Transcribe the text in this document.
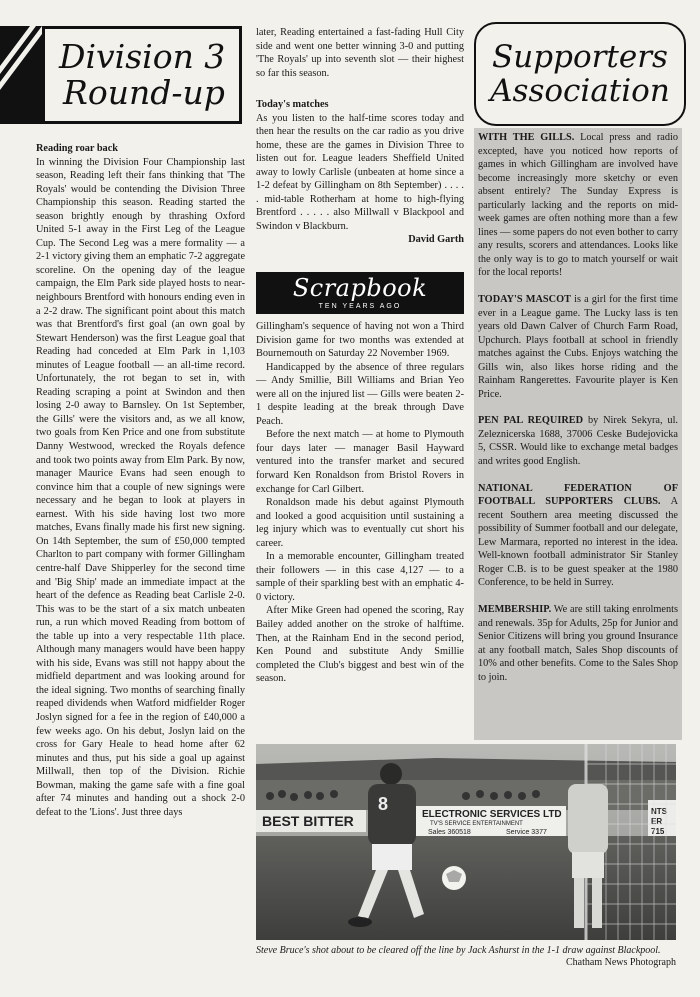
Division 3
Round-up

Reading roar back

In winning the Division Four Championship last season, Reading left their fans thinking that 'The Royals' would be contending the Division Three Championship this season. Reading started the season brightly enough by thrashing Oxford United 5-1 away in the First Leg of the League Cup. The Second Leg was a mere formality — a 2-1 victory giving them an emphatic 7-2 aggregate scoreline. On the opening day of the league campaign, the Elm Park side played hosts to near-neighbours Brentford with honours ending even in a 2-2 draw. The significant point about this match was that Brentford's first goal (an own goal by Stewart Henderson) was the first League goal that Reading had conceded at Elm Park in 1,103 minutes of League football — an all-time record. Unfortunately, the rot began to set in, with Reading scraping a point at Swindon and then losing 2-0 away to Barnsley. On 1st September, the Gills' were the visitors and, as we all know, two goals from Ken Price and one from substitute Danny Westwood, wrecked the Royals defence and took two points away from Elm Park. By now, manager Maurice Evans had seen enough to convince him that a couple of new signings were necessary and he began to look at players in earnest. With his side having lost two more matches, Evans finally made his first new signing. On 14th September, the sum of £50,000 tempted Charlton to part company with former Gillingham centre-half Dave Shipperley for the second time and 'Big Ship' made an immediate impact at the heart of the defence as Reading beat Carlisle 2-0. This was to be the start of a six match unbeaten run, a run which moved Reading from bottom of the table up into a very respectable 11th place. Although many managers would have been happy with his side, Evans was still not happy about the midfield department and was looking around for the ideal signing. Two months of searching finally reaped dividends when Watford midfielder Roger Joslyn signed for a fee in the region of £40,000 a few weeks ago. On his debut, Joslyn laid on the cross for Gary Heale to head home after 62 minutes and thus, put his side a goal up against Millwall, then top of the Division. Richie Bowman, making the game safe with a fine goal after 74 minutes and handing out a shock 2-0 defeat to the 'Lions'. Just three days

later, Reading entertained a fast-fading Hull City side and went one better winning 3-0 and putting 'The Royals' up into seventh slot — their highest so far this season.

Today's matches

As you listen to the half-time scores today and then hear the results on the car radio as you drive home, these are the games in Division Three to listen out for. League leaders Sheffield United away to lowly Carlisle (unbeaten at home since a 1-2 defeat by Gillingham on 8th September) . . . . . mid-table Rotherham at home to high-flying Brentford . . . . . also Millwall v Blackpool and Swindon v Blackburn.

David Garth

Scrapbook
TEN YEARS AGO

Gillingham's sequence of having not won a Third Division game for two months was extended at Bournemouth on Saturday 22 November 1969.

Handicapped by the absence of three regulars — Andy Smillie, Bill Williams and Brian Yeo were all on the injured list — Gills were beaten 2-1 despite leading at the break through Dave Peach.

Before the next match — at home to Plymouth four days later — manager Basil Hayward ventured into the transfer market and secured forward Ken Ronaldson from Bristol Rovers in exchange for Carl Gilbert.

Ronaldson made his debut against Plymouth and looked a good acquisition until sustaining a leg injury which was to eventually cut short his career.

In a memorable encounter, Gillingham treated their followers — in this case 4,127 — to a sample of their sparkling best with an emphatic 4-0 victory.

After Mike Green had opened the scoring, Ray Bailey added another on the stroke of halftime. Then, at the Rainham End in the second period, Ken Pound and substitute Andy Smillie completed the Club's biggest and best win of the season.

Supporters
Association

WITH THE GILLS. Local press and radio excepted, have you noticed how reports of games in which Gillingham are involved have become increasingly more sketchy or even absent entirely? The Sunday Express is particularly lacking and the reports on mid-week games are often nothing more than a few lines — some papers do not even bother to carry any results, scorers and attendances. Looks like the only way is to go to match yourself or wait for the local reports!

TODAY'S MASCOT is a girl for the first time ever in a League game. The Lucky lass is ten years old Dawn Calver of Church Farm Road, Upchurch. Plays football at school in friendly matches against the Cubs. Enjoys watching the Gills win, also likes horse riding and the Rainham Rangerettes. Favourite player is Ken Price.

PEN PAL REQUIRED by Nirek Sekyra, ul. Zeleznicerska 1688, 37006 Ceske Budejovicka 5, CSSR. Would like to exchange metal badges and writes good English.

NATIONAL FEDERATION OF FOOTBALL SUPPORTERS CLUBS. A recent Southern area meeting discussed the possibility of Summer football and our delegate, Lew Marmara, reported no interest in the idea. Well-known football administrator Sir Stanley Roger C.B. is to be guest speaker at the 1980 Conference, to be held in Surrey.

MEMBERSHIP. We are still taking enrolments and renewals. 35p for Adults, 25p for Junior and Senior Citizens will bring you ground Insurance at any football match, Sales Shop discounts of 10% and other benefits. Come to the Sales Shop to join.

BEST BITTER	ELECTRONIC SERVICES LTD
TV'S SERVICE ENTERTAINMENT
Sales 360518	Service 3377
NTS
ER
715
8
Steve Bruce's shot about to be cleared off the line by Jack Ashurst in the 1-1 draw against Blackpool.
Chatham News Photograph
